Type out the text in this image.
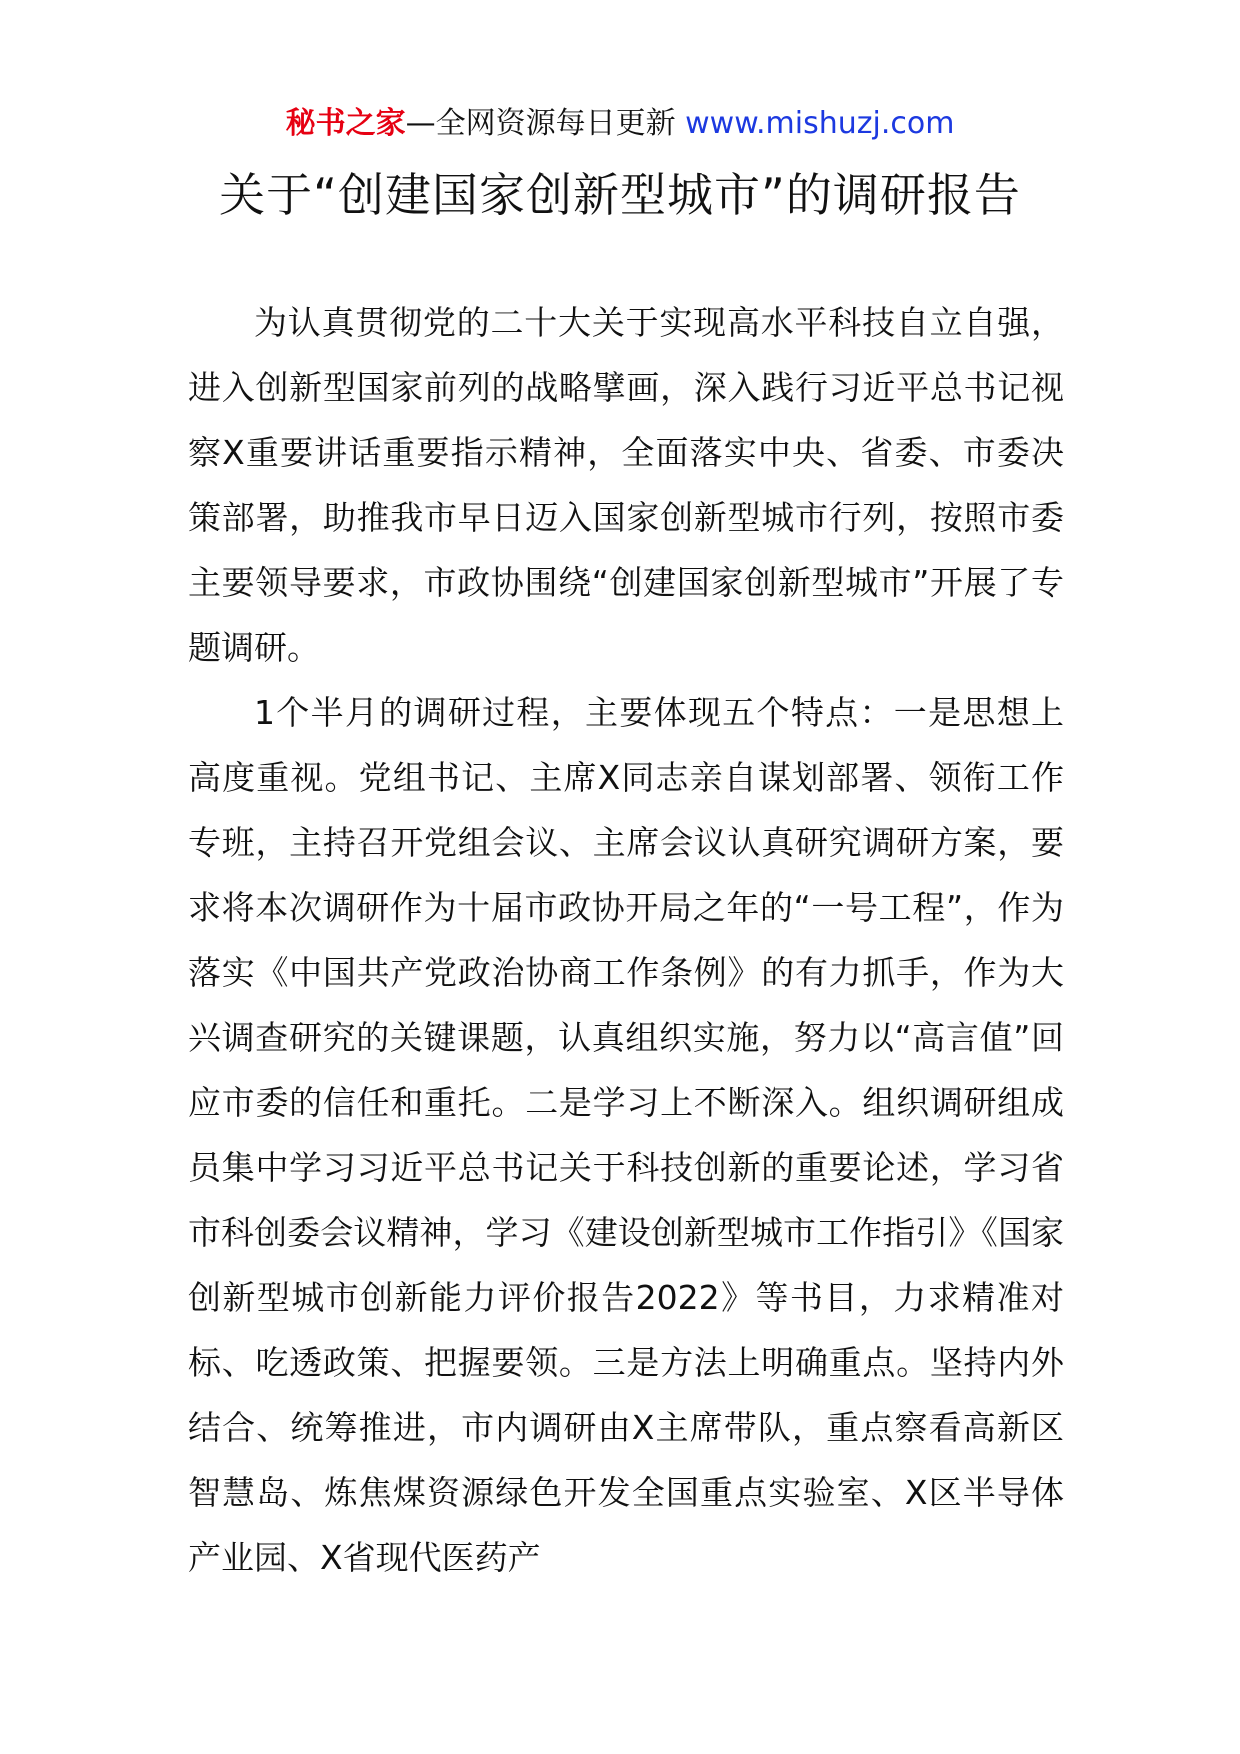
秘书之家—全网资源每日更新 www.mishuzj.com
关于“创建国家创新型城市”的调研报告

为认真贯彻党的二十大关于实现高水平科技自立自强，进入创新型国家前列的战略擘画，深入践行习近平总书记视察X重要讲话重要指示精神，全面落实中央、省委、市委决策部署，助推我市早日迈入国家创新型城市行列，按照市委主要领导要求，市政协围绕“创建国家创新型城市”开展了专题调研。

1个半月的调研过程，主要体现五个特点：一是思想上高度重视。党组书记、主席X同志亲自谋划部署、领衔工作专班，主持召开党组会议、主席会议认真研究调研方案，要求将本次调研作为十届市政协开局之年的“一号工程”，作为落实《中国共产党政治协商工作条例》的有力抓手，作为大兴调查研究的关键课题，认真组织实施，努力以“高言值”回应市委的信任和重托。二是学习上不断深入。组织调研组成员集中学习习近平总书记关于科技创新的重要论述，学习省市科创委会议精神，学习《建设创新型城市工作指引》《国家创新型城市创新能力评价报告2022》等书目，力求精准对标、吃透政策、把握要领。三是方法上明确重点。坚持内外结合、统筹推进，市内调研由X主席带队，重点察看高新区智慧岛、炼焦煤资源绿色开发全国重点实验室、X区半导体产业园、X省现代医药产
